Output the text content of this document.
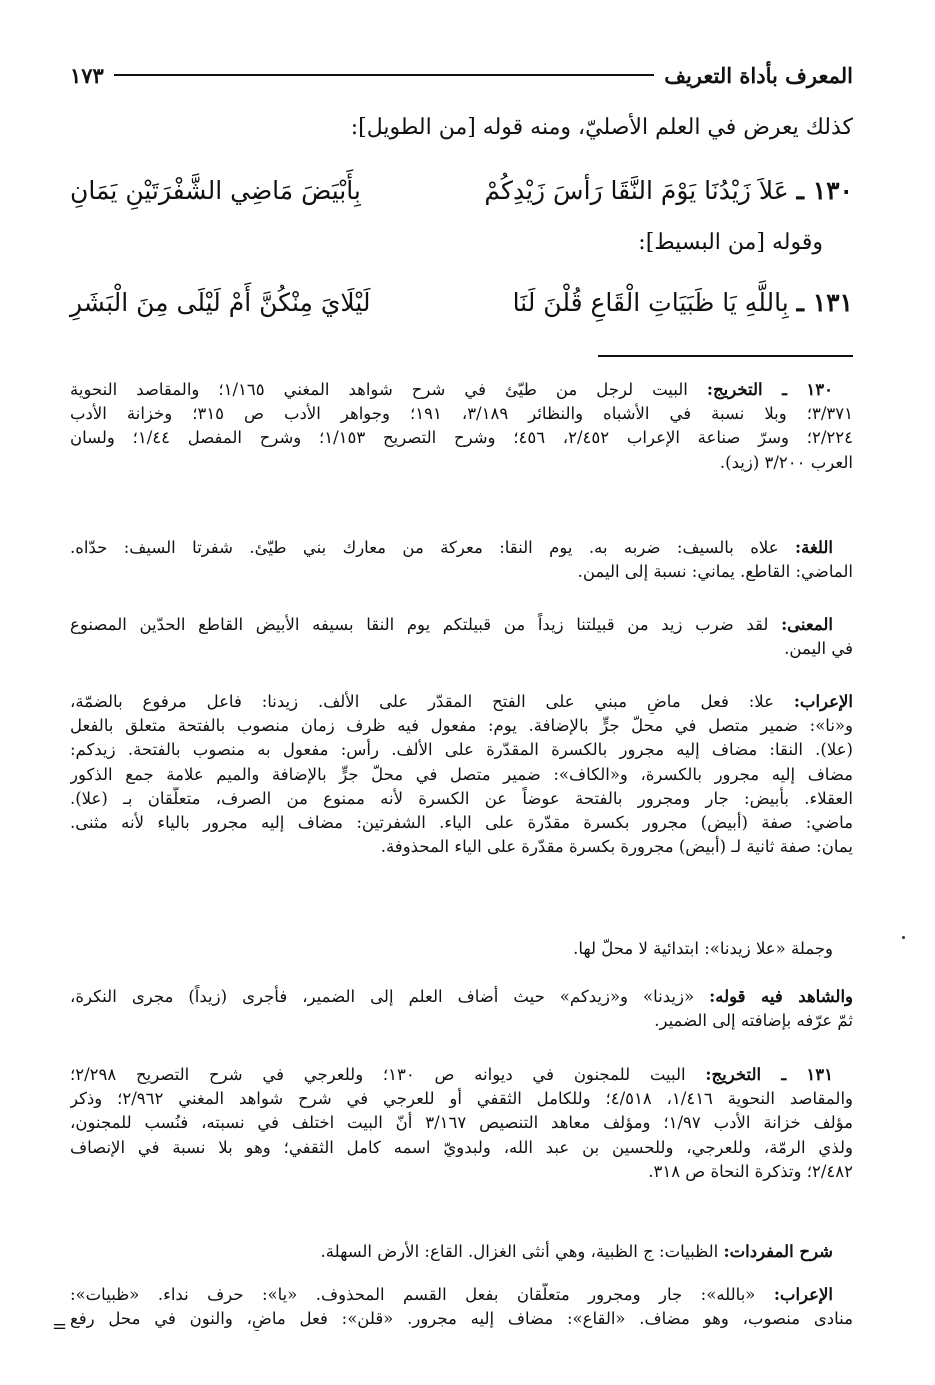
المعرف بأداة التعريف
١٧٣
كذلك يعرض في العلم الأصليّ، ومنه قوله [من الطويل]:
١٣٠ ـ
عَلاَ زَيْدُنَا يَوْمَ النَّقَا رَأسَ زَيْدِكُمْ
بِأَبْيَضَ مَاضِي الشَّفْرَتَيْنِ يَمَانِ
وقوله [من البسيط]:
١٣١ ـ
بِاللَّهِ يَا ظَبَيَاتِ الْقَاعِ قُلْنَ لَنَا
لَيْلَايَ مِنْكُنَّ أَمْ لَيْلَى مِنَ الْبَشَرِ
١٣٠ ـ التخريج: البيت لرجل من طيّئ في شرح شواهد المغني ١/١٦٥؛ والمقاصد النحوية
٣/٣٧١؛ وبلا نسبة في الأشباه والنظائر ٣/١٨٩، ١٩١؛ وجواهر الأدب ص ٣١٥؛ وخزانة الأدب
٢/٢٢٤؛ وسرّ صناعة الإعراب ٢/٤٥٢، ٤٥٦؛ وشرح التصريح ١/١٥٣؛ وشرح المفصل ١/٤٤؛ ولسان
العرب ٣/٢٠٠ (زيد).
اللغة: علاه بالسيف: ضربه به. يوم النقا: معركة من معارك بني طيّئ. شفرتا السيف: حدّاه.
الماضي: القاطع. يماني: نسبة إلى اليمن.
المعنى: لقد ضرب زيد من قبيلتنا زيداً من قبيلتكم يوم النقا بسيفه الأبيض القاطع الحدّين المصنوع
في اليمن.
الإعراب: علا: فعل ماضٍ مبني على الفتح المقدّر على الألف. زيدنا: فاعل مرفوع بالضمّة،
و«نا»: ضمير متصل في محلّ جرٍّ بالإضافة. يوم: مفعول فيه ظرف زمان منصوب بالفتحة متعلق بالفعل
(علا). النقا: مضاف إليه مجرور بالكسرة المقدّرة على الألف. رأس: مفعول به منصوب بالفتحة. زيدكم:
مضاف إليه مجرور بالكسرة، و«الكاف»: ضمير متصل في محلّ جرٍّ بالإضافة والميم علامة جمع الذكور
العقلاء. بأبيض: جار ومجرور بالفتحة عوضاً عن الكسرة لأنه ممنوع من الصرف، متعلّقان بـ (علا).
ماضي: صفة (أبيض) مجرور بكسرة مقدّرة على الياء. الشفرتين: مضاف إليه مجرور بالياء لأنه مثنى.
يمان: صفة ثانية لـ (أبيض) مجرورة بكسرة مقدّرة على الياء المحذوفة.
وجملة «علا زيدنا»: ابتدائية لا محلّ لها.
والشاهد فيه قوله: «زيدنا» و«زيدكم» حيث أضاف العلم إلى الضمير، فأجرى (زيداً) مجرى النكرة،
ثمّ عرّفه بإضافته إلى الضمير.
١٣١ ـ التخريج: البيت للمجنون في ديوانه ص ١٣٠؛ وللعرجي في شرح التصريح ٢/٢٩٨؛
والمقاصد النحوية ١/٤١٦، ٤/٥١٨؛ وللكامل الثقفي أو للعرجي في شرح شواهد المغني ٢/٩٦٢؛ وذكر
مؤلف خزانة الأدب ١/٩٧؛ ومؤلف معاهد التنصيص ٣/١٦٧ أنّ البيت اختلف في نسبته، فنُسب للمجنون،
ولذي الرمّة، وللعرجي، وللحسين بن عبد الله، ولبدويّ اسمه كامل الثقفي؛ وهو بلا نسبة في الإنصاف
٢/٤٨٢؛ وتذكرة النحاة ص ٣١٨.
شرح المفردات: الظبيات: ج الظبية، وهي أنثى الغزال. القاع: الأرض السهلة.
الإعراب: «بالله»: جار ومجرور متعلّقان بفعل القسم المحذوف. «يا»: حرف نداء. «ظبيات»:
منادى منصوب، وهو مضاف. «القاع»: مضاف إليه مجرور. «قلن»: فعل ماضٍ، والنون في محل رفع
=
